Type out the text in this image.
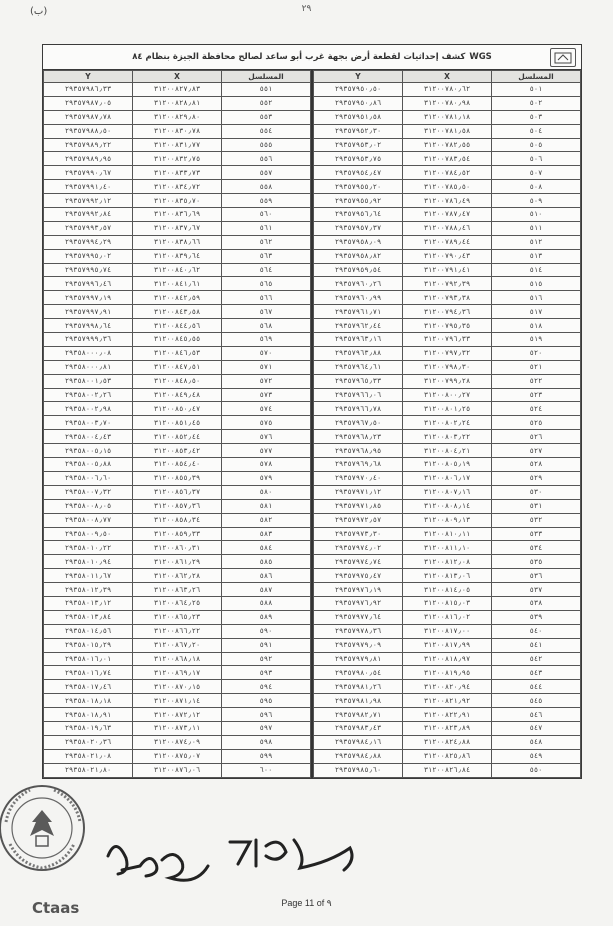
(ب)	٢٩
كشف إحداثيات لقطعة أرض بجهة غرب أبو ساعد لصالح محافظة الجيزة بنظام ٨٤ WGS
المسلسل	X	Y
٥٠١	٣١٢٠٠٧٨٠٫٦٢	٢٩٣٥٧٩٥٠٫٥٠
٥٠٢	٣١٢٠٠٧٨٠٫٩٨	٢٩٣٥٧٩٥٠٫٨٦
٥٠٣	٣١٢٠٠٧٨١٫١٨	٢٩٣٥٧٩٥١٫٥٨
٥٠٤	٣١٢٠٠٧٨١٫٥٨	٢٩٣٥٧٩٥٢٫٣٠
٥٠٥	٣١٢٠٠٧٨٢٫٥٥	٢٩٣٥٧٩٥٣٫٠٢
٥٠٦	٣١٢٠٠٧٨٣٫٥٤	٢٩٣٥٧٩٥٣٫٧٥
٥٠٧	٣١٢٠٠٧٨٤٫٥٢	٢٩٣٥٧٩٥٤٫٤٧
٥٠٨	٣١٢٠٠٧٨٥٫٥٠	٢٩٣٥٧٩٥٥٫٢٠
٥٠٩	٣١٢٠٠٧٨٦٫٤٩	٢٩٣٥٧٩٥٥٫٩٢
٥١٠	٣١٢٠٠٧٨٧٫٤٧	٢٩٣٥٧٩٥٦٫٦٤
٥١١	٣١٢٠٠٧٨٨٫٤٦	٢٩٣٥٧٩٥٧٫٣٧
٥١٢	٣١٢٠٠٧٨٩٫٤٤	٢٩٣٥٧٩٥٨٫٠٩
٥١٣	٣١٢٠٠٧٩٠٫٤٣	٢٩٣٥٧٩٥٨٫٨٢
٥١٤	٣١٢٠٠٧٩١٫٤١	٢٩٣٥٧٩٥٩٫٥٤
٥١٥	٣١٢٠٠٧٩٢٫٣٩	٢٩٣٥٧٩٦٠٫٢٦
٥١٦	٣١٢٠٠٧٩٣٫٣٨	٢٩٣٥٧٩٦٠٫٩٩
٥١٧	٣١٢٠٠٧٩٤٫٣٦	٢٩٣٥٧٩٦١٫٧١
٥١٨	٣١٢٠٠٧٩٥٫٣٥	٢٩٣٥٧٩٦٢٫٤٤
٥١٩	٣١٢٠٠٧٩٦٫٣٣	٢٩٣٥٧٩٦٣٫١٦
٥٢٠	٣١٢٠٠٧٩٧٫٣٢	٢٩٣٥٧٩٦٣٫٨٨
٥٢١	٣١٢٠٠٧٩٨٫٣٠	٢٩٣٥٧٩٦٤٫٦١
٥٢٢	٣١٢٠٠٧٩٩٫٢٨	٢٩٣٥٧٩٦٥٫٣٣
٥٢٣	٣١٢٠٠٨٠٠٫٢٧	٢٩٣٥٧٩٦٦٫٠٦
٥٢٤	٣١٢٠٠٨٠١٫٢٥	٢٩٣٥٧٩٦٦٫٧٨
٥٢٥	٣١٢٠٠٨٠٢٫٢٤	٢٩٣٥٧٩٦٧٫٥٠
٥٢٦	٣١٢٠٠٨٠٣٫٢٢	٢٩٣٥٧٩٦٨٫٢٣
٥٢٧	٣١٢٠٠٨٠٤٫٢١	٢٩٣٥٧٩٦٨٫٩٥
٥٢٨	٣١٢٠٠٨٠٥٫١٩	٢٩٣٥٧٩٦٩٫٦٨
٥٢٩	٣١٢٠٠٨٠٦٫١٧	٢٩٣٥٧٩٧٠٫٤٠
٥٣٠	٣١٢٠٠٨٠٧٫١٦	٢٩٣٥٧٩٧١٫١٢
٥٣١	٣١٢٠٠٨٠٨٫١٤	٢٩٣٥٧٩٧١٫٨٥
٥٣٢	٣١٢٠٠٨٠٩٫١٣	٢٩٣٥٧٩٧٢٫٥٧
٥٣٣	٣١٢٠٠٨١٠٫١١	٢٩٣٥٧٩٧٣٫٣٠
٥٣٤	٣١٢٠٠٨١١٫١٠	٢٩٣٥٧٩٧٤٫٠٢
٥٣٥	٣١٢٠٠٨١٢٫٠٨	٢٩٣٥٧٩٧٤٫٧٤
٥٣٦	٣١٢٠٠٨١٣٫٠٦	٢٩٣٥٧٩٧٥٫٤٧
٥٣٧	٣١٢٠٠٨١٤٫٠٥	٢٩٣٥٧٩٧٦٫١٩
٥٣٨	٣١٢٠٠٨١٥٫٠٣	٢٩٣٥٧٩٧٦٫٩٢
٥٣٩	٣١٢٠٠٨١٦٫٠٢	٢٩٣٥٧٩٧٧٫٦٤
٥٤٠	٣١٢٠٠٨١٧٫٠٠	٢٩٣٥٧٩٧٨٫٣٦
٥٤١	٣١٢٠٠٨١٧٫٩٩	٢٩٣٥٧٩٧٩٫٠٩
٥٤٢	٣١٢٠٠٨١٨٫٩٧	٢٩٣٥٧٩٧٩٫٨١
٥٤٣	٣١٢٠٠٨١٩٫٩٥	٢٩٣٥٧٩٨٠٫٥٤
٥٤٤	٣١٢٠٠٨٢٠٫٩٤	٢٩٣٥٧٩٨١٫٢٦
٥٤٥	٣١٢٠٠٨٢١٫٩٢	٢٩٣٥٧٩٨١٫٩٨
٥٤٦	٣١٢٠٠٨٢٢٫٩١	٢٩٣٥٧٩٨٢٫٧١
٥٤٧	٣١٢٠٠٨٢٣٫٨٩	٢٩٣٥٧٩٨٣٫٤٣
٥٤٨	٣١٢٠٠٨٢٤٫٨٨	٢٩٣٥٧٩٨٤٫١٦
٥٤٩	٣١٢٠٠٨٢٥٫٨٦	٢٩٣٥٧٩٨٤٫٨٨
٥٥٠	٣١٢٠٠٨٢٦٫٨٤	٢٩٣٥٧٩٨٥٫٦٠
المسلسل	X	Y
٥٥١	٣١٢٠٠٨٢٧٫٨٣	٢٩٣٥٧٩٨٦٫٣٣
٥٥٢	٣١٢٠٠٨٢٨٫٨١	٢٩٣٥٧٩٨٧٫٠٥
٥٥٣	٣١٢٠٠٨٢٩٫٨٠	٢٩٣٥٧٩٨٧٫٧٨
٥٥٤	٣١٢٠٠٨٣٠٫٧٨	٢٩٣٥٧٩٨٨٫٥٠
٥٥٥	٣١٢٠٠٨٣١٫٧٧	٢٩٣٥٧٩٨٩٫٢٢
٥٥٦	٣١٢٠٠٨٣٢٫٧٥	٢٩٣٥٧٩٨٩٫٩٥
٥٥٧	٣١٢٠٠٨٣٣٫٧٣	٢٩٣٥٧٩٩٠٫٦٧
٥٥٨	٣١٢٠٠٨٣٤٫٧٢	٢٩٣٥٧٩٩١٫٤٠
٥٥٩	٣١٢٠٠٨٣٥٫٧٠	٢٩٣٥٧٩٩٢٫١٢
٥٦٠	٣١٢٠٠٨٣٦٫٦٩	٢٩٣٥٧٩٩٢٫٨٤
٥٦١	٣١٢٠٠٨٣٧٫٦٧	٢٩٣٥٧٩٩٣٫٥٧
٥٦٢	٣١٢٠٠٨٣٨٫٦٦	٢٩٣٥٧٩٩٤٫٢٩
٥٦٣	٣١٢٠٠٨٣٩٫٦٤	٢٩٣٥٧٩٩٥٫٠٢
٥٦٤	٣١٢٠٠٨٤٠٫٦٢	٢٩٣٥٧٩٩٥٫٧٤
٥٦٥	٣١٢٠٠٨٤١٫٦١	٢٩٣٥٧٩٩٦٫٤٦
٥٦٦	٣١٢٠٠٨٤٢٫٥٩	٢٩٣٥٧٩٩٧٫١٩
٥٦٧	٣١٢٠٠٨٤٣٫٥٨	٢٩٣٥٧٩٩٧٫٩١
٥٦٨	٣١٢٠٠٨٤٤٫٥٦	٢٩٣٥٧٩٩٨٫٦٤
٥٦٩	٣١٢٠٠٨٤٥٫٥٥	٢٩٣٥٧٩٩٩٫٣٦
٥٧٠	٣١٢٠٠٨٤٦٫٥٣	٢٩٣٥٨٠٠٠٫٠٨
٥٧١	٣١٢٠٠٨٤٧٫٥١	٢٩٣٥٨٠٠٠٫٨١
٥٧٢	٣١٢٠٠٨٤٨٫٥٠	٢٩٣٥٨٠٠١٫٥٣
٥٧٣	٣١٢٠٠٨٤٩٫٤٨	٢٩٣٥٨٠٠٢٫٢٦
٥٧٤	٣١٢٠٠٨٥٠٫٤٧	٢٩٣٥٨٠٠٢٫٩٨
٥٧٥	٣١٢٠٠٨٥١٫٤٥	٢٩٣٥٨٠٠٣٫٧٠
٥٧٦	٣١٢٠٠٨٥٢٫٤٤	٢٩٣٥٨٠٠٤٫٤٣
٥٧٧	٣١٢٠٠٨٥٣٫٤٢	٢٩٣٥٨٠٠٥٫١٥
٥٧٨	٣١٢٠٠٨٥٤٫٤٠	٢٩٣٥٨٠٠٥٫٨٨
٥٧٩	٣١٢٠٠٨٥٥٫٣٩	٢٩٣٥٨٠٠٦٫٦٠
٥٨٠	٣١٢٠٠٨٥٦٫٣٧	٢٩٣٥٨٠٠٧٫٣٢
٥٨١	٣١٢٠٠٨٥٧٫٣٦	٢٩٣٥٨٠٠٨٫٠٥
٥٨٢	٣١٢٠٠٨٥٨٫٣٤	٢٩٣٥٨٠٠٨٫٧٧
٥٨٣	٣١٢٠٠٨٥٩٫٣٣	٢٩٣٥٨٠٠٩٫٥٠
٥٨٤	٣١٢٠٠٨٦٠٫٣١	٢٩٣٥٨٠١٠٫٢٢
٥٨٥	٣١٢٠٠٨٦١٫٢٩	٢٩٣٥٨٠١٠٫٩٤
٥٨٦	٣١٢٠٠٨٦٢٫٢٨	٢٩٣٥٨٠١١٫٦٧
٥٨٧	٣١٢٠٠٨٦٣٫٢٦	٢٩٣٥٨٠١٢٫٣٩
٥٨٨	٣١٢٠٠٨٦٤٫٢٥	٢٩٣٥٨٠١٣٫١٢
٥٨٩	٣١٢٠٠٨٦٥٫٢٣	٢٩٣٥٨٠١٣٫٨٤
٥٩٠	٣١٢٠٠٨٦٦٫٢٢	٢٩٣٥٨٠١٤٫٥٦
٥٩١	٣١٢٠٠٨٦٧٫٢٠	٢٩٣٥٨٠١٥٫٢٩
٥٩٢	٣١٢٠٠٨٦٨٫١٨	٢٩٣٥٨٠١٦٫٠١
٥٩٣	٣١٢٠٠٨٦٩٫١٧	٢٩٣٥٨٠١٦٫٧٤
٥٩٤	٣١٢٠٠٨٧٠٫١٥	٢٩٣٥٨٠١٧٫٤٦
٥٩٥	٣١٢٠٠٨٧١٫١٤	٢٩٣٥٨٠١٨٫١٨
٥٩٦	٣١٢٠٠٨٧٢٫١٢	٢٩٣٥٨٠١٨٫٩١
٥٩٧	٣١٢٠٠٨٧٣٫١١	٢٩٣٥٨٠١٩٫٦٣
٥٩٨	٣١٢٠٠٨٧٤٫٠٩	٢٩٣٥٨٠٢٠٫٣٦
٥٩٩	٣١٢٠٠٨٧٥٫٠٧	٢٩٣٥٨٠٢١٫٠٨
٦٠٠	٣١٢٠٠٨٧٦٫٠٦	٢٩٣٥٨٠٢١٫٨٠
Ctaas	Page 11 of ٩
